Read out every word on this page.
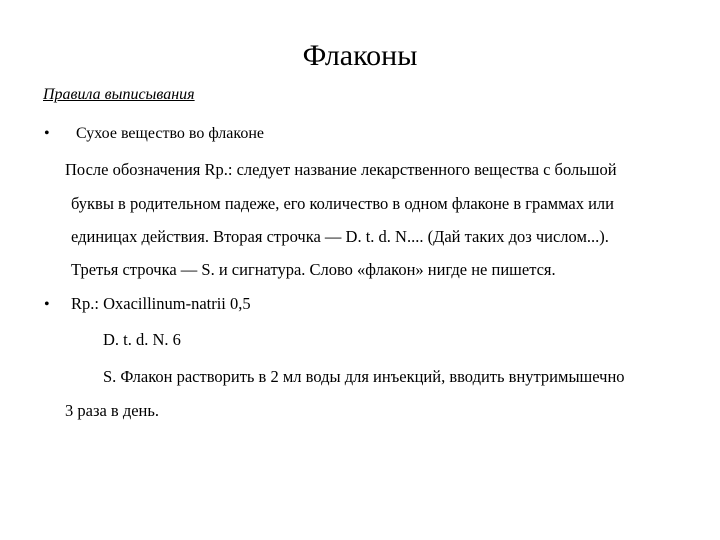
Флаконы
Правила выписывания
• Сухое вещество во флаконе
После обозначения Rp.: следует название лекарственного вещества с большой
буквы в родительном падеже, его количество в одном флаконе в граммах или
единицах действия. Вторая строчка — D. t. d. N.... (Дай таких доз числом...).
Третья строчка — S. и сигнатура. Слово «флакон» нигде не пишется.
• Rp.: Oxacillinum-natrii 0,5
D. t. d. N. 6
S. Флакон растворить в 2 мл воды для инъекций, вводить внутримышечно
3 раза в день.
